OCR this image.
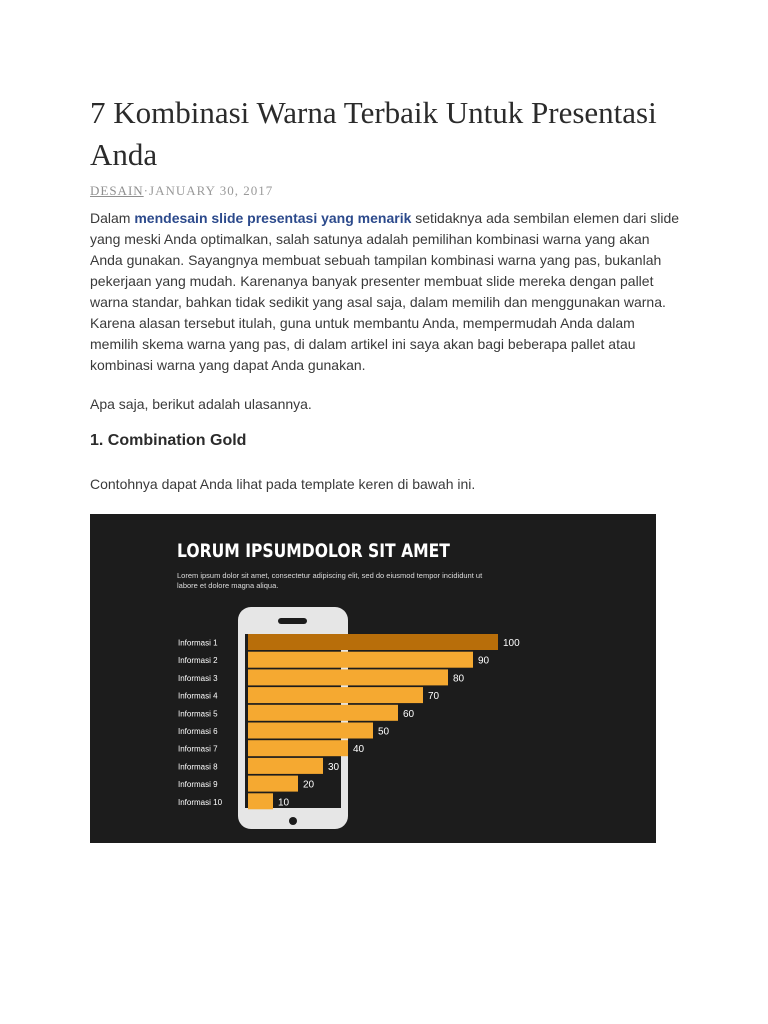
7 Kombinasi Warna Terbaik Untuk Presentasi Anda
DESAIN·JANUARY 30, 2017

Dalam mendesain slide presentasi yang menarik setidaknya ada sembilan elemen dari slide yang meski Anda optimalkan, salah satunya adalah pemilihan kombinasi warna yang akan Anda gunakan. Sayangnya membuat sebuah tampilan kombinasi warna yang pas, bukanlah pekerjaan yang mudah. Karenanya banyak presenter membuat slide mereka dengan pallet warna standar, bahkan tidak sedikit yang asal saja, dalam memilih dan menggunakan warna. Karena alasan tersebut itulah, guna untuk membantu Anda, mempermudah Anda dalam memilih skema warna yang pas, di dalam artikel ini saya akan bagi beberapa pallet atau kombinasi warna yang dapat Anda gunakan.

Apa saja, berikut adalah ulasannya.

1. Combination Gold

Contohnya dapat Anda lihat pada template keren di bawah ini.

Informasi 1	100
Informasi 2	90
Informasi 3	80
Informasi 4	70
Informasi 5	60
Informasi 6	50
Informasi 7	40
Informasi 8	30
Informasi 9	20
Informasi 10	10
LORUM IPSUMDOLOR SIT AMET

Lorem ipsum dolor sit amet, consectetur adipiscing elit, sed do eiusmod tempor incididunt ut labore et dolore magna aliqua.
